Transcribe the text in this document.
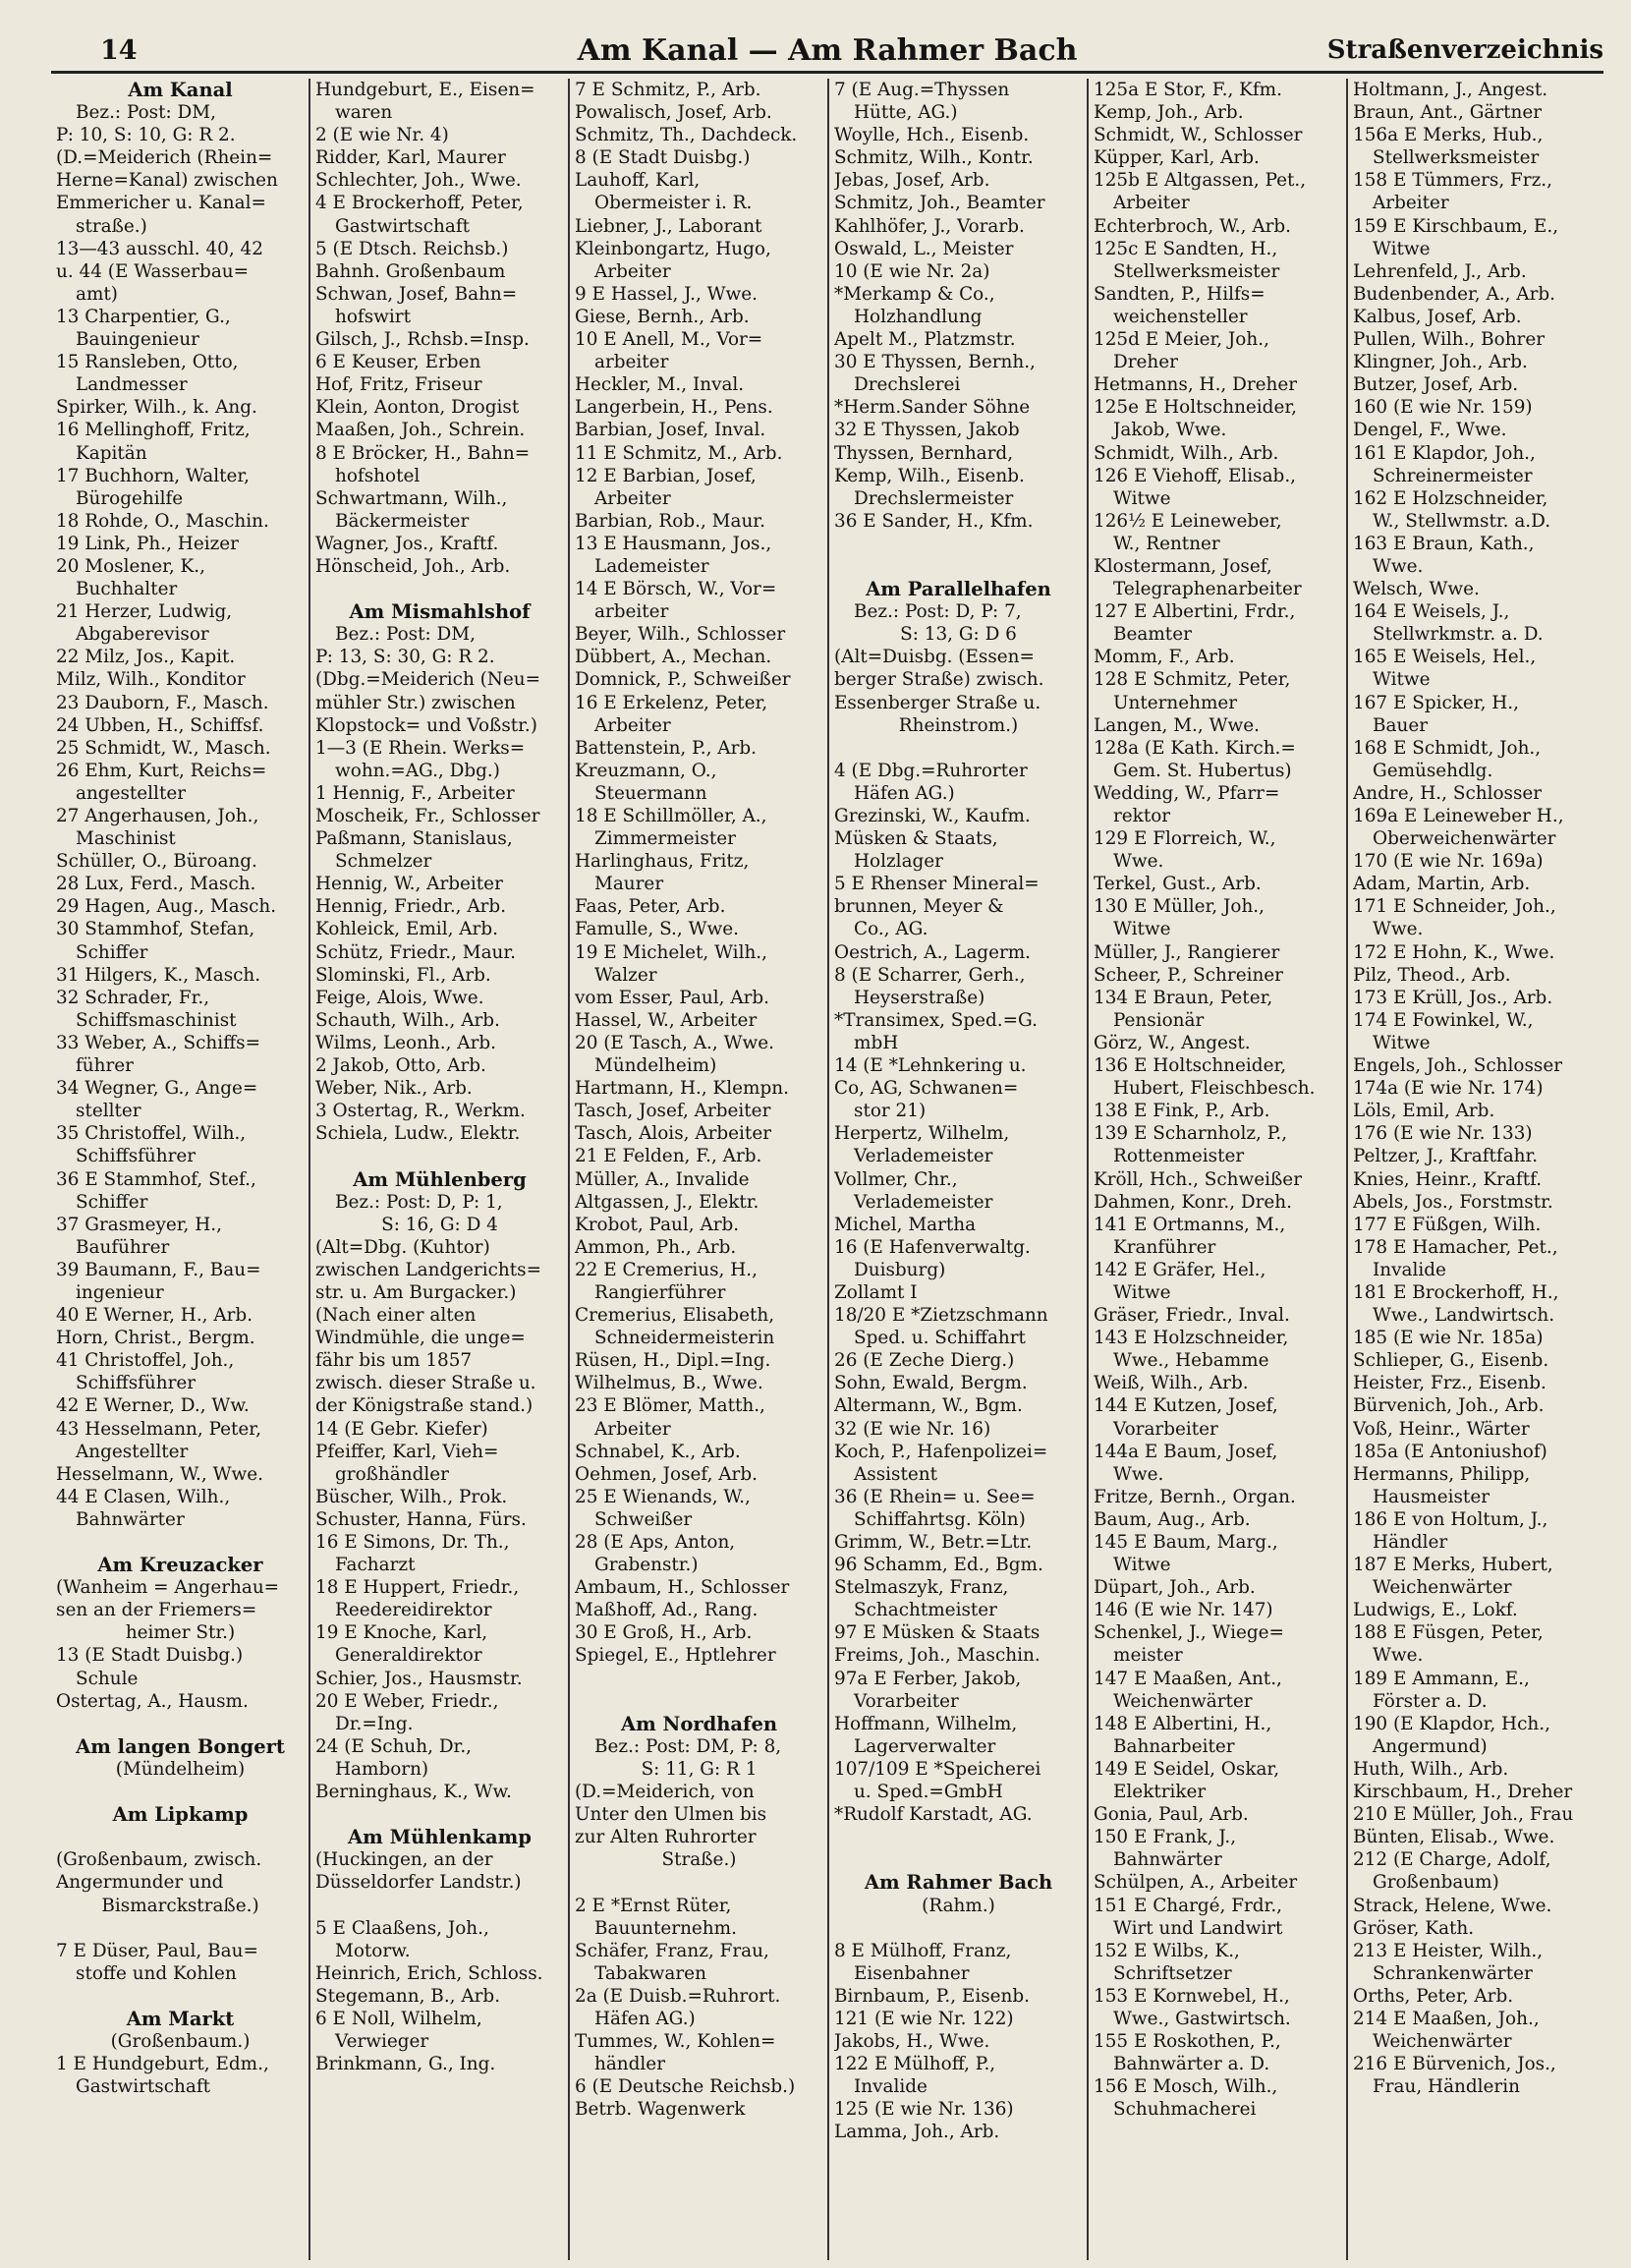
14	Am Kanal — Am Rahmer Bach	Straßenverzeichnis
Am Kanal
Bez.: Post: DM,
P: 10, S: 10, G: R 2.
(D.=Meiderich (Rhein=
Herne=Kanal) zwischen
Emmericher u. Kanal=
straße.)
13—43 ausschl. 40, 42
u. 44 (E Wasserbau=
amt)
13 Charpentier, G.,
Bauingenieur
15 Ransleben, Otto,
Landmesser
Spirker, Wilh., k. Ang.
16 Mellinghoff, Fritz,
Kapitän
17 Buchhorn, Walter,
Bürogehilfe
18 Rohde, O., Maschin.
19 Link, Ph., Heizer
20 Moslener, K.,
Buchhalter
21 Herzer, Ludwig,
Abgaberevisor
22 Milz, Jos., Kapit.
Milz, Wilh., Konditor
23 Dauborn, F., Masch.
24 Ubben, H., Schiffsf.
25 Schmidt, W., Masch.
26 Ehm, Kurt, Reichs=
angestellter
27 Angerhausen, Joh.,
Maschinist
Schüller, O., Büroang.
28 Lux, Ferd., Masch.
29 Hagen, Aug., Masch.
30 Stammhof, Stefan,
Schiffer
31 Hilgers, K., Masch.
32 Schrader, Fr.,
Schiffsmaschinist
33 Weber, A., Schiffs=
führer
34 Wegner, G., Ange=
stellter
35 Christoffel, Wilh.,
Schiffsführer
36 E Stammhof, Stef.,
Schiffer
37 Grasmeyer, H.,
Bauführer
39 Baumann, F., Bau=
ingenieur
40 E Werner, H., Arb.
Horn, Christ., Bergm.
41 Christoffel, Joh.,
Schiffsführer
42 E Werner, D., Ww.
43 Hesselmann, Peter,
Angestellter
Hesselmann, W., Wwe.
44 E Clasen, Wilh.,
Bahnwärter
Am Kreuzacker
(Wanheim = Angerhau=
sen an der Friemers=
heimer Str.)
13 (E Stadt Duisbg.)
Schule
Ostertag, A., Hausm.
Am langen Bongert
(Mündelheim)
Am Lipkamp
(Großenbaum, zwisch.
Angermunder und
Bismarckstraße.)
7 E Düser, Paul, Bau=
stoffe und Kohlen
Am Markt
(Großenbaum.)
1 E Hundgeburt, Edm.,
Gastwirtschaft
Hundgeburt, E., Eisen=
waren
2 (E wie Nr. 4)
Ridder, Karl, Maurer
Schlechter, Joh., Wwe.
4 E Brockerhoff, Peter,
Gastwirtschaft
5 (E Dtsch. Reichsb.)
Bahnh. Großenbaum
Schwan, Josef, Bahn=
hofswirt
Gilsch, J., Rchsb.=Insp.
6 E Keuser, Erben
Hof, Fritz, Friseur
Klein, Aonton, Drogist
Maaßen, Joh., Schrein.
8 E Bröcker, H., Bahn=
hofshotel
Schwartmann, Wilh.,
Bäckermeister
Wagner, Jos., Kraftf.
Hönscheid, Joh., Arb.
Am Mismahlshof
Bez.: Post: DM,
P: 13, S: 30, G: R 2.
(Dbg.=Meiderich (Neu=
mühler Str.) zwischen
Klopstock= und Voßstr.)
1—3 (E Rhein. Werks=
wohn.=AG., Dbg.)
1 Hennig, F., Arbeiter
Moscheik, Fr., Schlosser
Paßmann, Stanislaus,
Schmelzer
Hennig, W., Arbeiter
Hennig, Friedr., Arb.
Kohleick, Emil, Arb.
Schütz, Friedr., Maur.
Slominski, Fl., Arb.
Feige, Alois, Wwe.
Schauth, Wilh., Arb.
Wilms, Leonh., Arb.
2 Jakob, Otto, Arb.
Weber, Nik., Arb.
3 Ostertag, R., Werkm.
Schiela, Ludw., Elektr.
Am Mühlenberg
Bez.: Post: D, P: 1,
S: 16, G: D 4
(Alt=Dbg. (Kuhtor)
zwischen Landgerichts=
str. u. Am Burgacker.)
(Nach einer alten
Windmühle, die unge=
fähr bis um 1857
zwisch. dieser Straße u.
der Königstraße stand.)
14 (E Gebr. Kiefer)
Pfeiffer, Karl, Vieh=
großhändler
Büscher, Wilh., Prok.
Schuster, Hanna, Fürs.
16 E Simons, Dr. Th.,
Facharzt
18 E Huppert, Friedr.,
Reedereidirektor
19 E Knoche, Karl,
Generaldirektor
Schier, Jos., Hausmstr.
20 E Weber, Friedr.,
Dr.=Ing.
24 (E Schuh, Dr.,
Hamborn)
Berninghaus, K., Ww.
Am Mühlenkamp
(Huckingen, an der
Düsseldorfer Landstr.)
5 E Claaßens, Joh.,
Motorw.
Heinrich, Erich, Schloss.
Stegemann, B., Arb.
6 E Noll, Wilhelm,
Verwieger
Brinkmann, G., Ing.
7 E Schmitz, P., Arb.
Powalisch, Josef, Arb.
Schmitz, Th., Dachdeck.
8 (E Stadt Duisbg.)
Lauhoff, Karl,
Obermeister i. R.
Liebner, J., Laborant
Kleinbongartz, Hugo,
Arbeiter
9 E Hassel, J., Wwe.
Giese, Bernh., Arb.
10 E Anell, M., Vor=
arbeiter
Heckler, M., Inval.
Langerbein, H., Pens.
Barbian, Josef, Inval.
11 E Schmitz, M., Arb.
12 E Barbian, Josef,
Arbeiter
Barbian, Rob., Maur.
13 E Hausmann, Jos.,
Lademeister
14 E Börsch, W., Vor=
arbeiter
Beyer, Wilh., Schlosser
Dübbert, A., Mechan.
Domnick, P., Schweißer
16 E Erkelenz, Peter,
Arbeiter
Battenstein, P., Arb.
Kreuzmann, O.,
Steuermann
18 E Schillmöller, A.,
Zimmermeister
Harlinghaus, Fritz,
Maurer
Faas, Peter, Arb.
Famulle, S., Wwe.
19 E Michelet, Wilh.,
Walzer
vom Esser, Paul, Arb.
Hassel, W., Arbeiter
20 (E Tasch, A., Wwe.
Mündelheim)
Hartmann, H., Klempn.
Tasch, Josef, Arbeiter
Tasch, Alois, Arbeiter
21 E Felden, F., Arb.
Müller, A., Invalide
Altgassen, J., Elektr.
Krobot, Paul, Arb.
Ammon, Ph., Arb.
22 E Cremerius, H.,
Rangierführer
Cremerius, Elisabeth,
Schneidermeisterin
Rüsen, H., Dipl.=Ing.
Wilhelmus, B., Wwe.
23 E Blömer, Matth.,
Arbeiter
Schnabel, K., Arb.
Oehmen, Josef, Arb.
25 E Wienands, W.,
Schweißer
28 (E Aps, Anton,
Grabenstr.)
Ambaum, H., Schlosser
Maßhoff, Ad., Rang.
30 E Groß, H., Arb.
Spiegel, E., Hptlehrer
Am Nordhafen
Bez.: Post: DM, P: 8,
S: 11, G: R 1
(D.=Meiderich, von
Unter den Ulmen bis
zur Alten Ruhrorter
Straße.)
2 E *Ernst Rüter,
Bauunternehm.
Schäfer, Franz, Frau,
Tabakwaren
2a (E Duisb.=Ruhrort.
Häfen AG.)
Tummes, W., Kohlen=
händler
6 (E Deutsche Reichsb.)
Betrb. Wagenwerk
7 (E Aug.=Thyssen
Hütte, AG.)
Woylle, Hch., Eisenb.
Schmitz, Wilh., Kontr.
Jebas, Josef, Arb.
Schmitz, Joh., Beamter
Kahlhöfer, J., Vorarb.
Oswald, L., Meister
10 (E wie Nr. 2a)
*Merkamp & Co.,
Holzhandlung
Apelt M., Platzmstr.
30 E Thyssen, Bernh.,
Drechslerei
*Herm.Sander Söhne
32 E Thyssen, Jakob
Thyssen, Bernhard,
Kemp, Wilh., Eisenb.
Drechslermeister
36 E Sander, H., Kfm.
Am Parallelhafen
Bez.: Post: D, P: 7,
S: 13, G: D 6
(Alt=Duisbg. (Essen=
berger Straße) zwisch.
Essenberger Straße u.
Rheinstrom.)
4 (E Dbg.=Ruhrorter
Häfen AG.)
Grezinski, W., Kaufm.
Müsken & Staats,
Holzlager
5 E Rhenser Mineral=
brunnen, Meyer &
Co., AG.
Oestrich, A., Lagerm.
8 (E Scharrer, Gerh.,
Heyserstraße)
*Transimex, Sped.=G.
mbH
14 (E *Lehnkering u.
Co, AG, Schwanen=
stor 21)
Herpertz, Wilhelm,
Verlademeister
Vollmer, Chr.,
Verlademeister
Michel, Martha
16 (E Hafenverwaltg.
Duisburg)
Zollamt I
18/20 E *Zietzschmann
Sped. u. Schiffahrt
26 (E Zeche Dierg.)
Sohn, Ewald, Bergm.
Altermann, W., Bgm.
32 (E wie Nr. 16)
Koch, P., Hafenpolizei=
Assistent
36 (E Rhein= u. See=
Schiffahrtsg. Köln)
Grimm, W., Betr.=Ltr.
96 Schamm, Ed., Bgm.
Stelmaszyk, Franz,
Schachtmeister
97 E Müsken & Staats
Freims, Joh., Maschin.
97a E Ferber, Jakob,
Vorarbeiter
Hoffmann, Wilhelm,
Lagerverwalter
107/109 E *Speicherei
u. Sped.=GmbH
*Rudolf Karstadt, AG.
Am Rahmer Bach
(Rahm.)
8 E Mülhoff, Franz,
Eisenbahner
Birnbaum, P., Eisenb.
121 (E wie Nr. 122)
Jakobs, H., Wwe.
122 E Mülhoff, P.,
Invalide
125 (E wie Nr. 136)
Lamma, Joh., Arb.
125a E Stor, F., Kfm.
Kemp, Joh., Arb.
Schmidt, W., Schlosser
Küpper, Karl, Arb.
125b E Altgassen, Pet.,
Arbeiter
Echterbroch, W., Arb.
125c E Sandten, H.,
Stellwerksmeister
Sandten, P., Hilfs=
weichensteller
125d E Meier, Joh.,
Dreher
Hetmanns, H., Dreher
125e E Holtschneider,
Jakob, Wwe.
Schmidt, Wilh., Arb.
126 E Viehoff, Elisab.,
Witwe
126½ E Leineweber,
W., Rentner
Klostermann, Josef,
Telegraphenarbeiter
127 E Albertini, Frdr.,
Beamter
Momm, F., Arb.
128 E Schmitz, Peter,
Unternehmer
Langen, M., Wwe.
128a (E Kath. Kirch.=
Gem. St. Hubertus)
Wedding, W., Pfarr=
rektor
129 E Florreich, W.,
Wwe.
Terkel, Gust., Arb.
130 E Müller, Joh.,
Witwe
Müller, J., Rangierer
Scheer, P., Schreiner
134 E Braun, Peter,
Pensionär
Görz, W., Angest.
136 E Holtschneider,
Hubert, Fleischbesch.
138 E Fink, P., Arb.
139 E Scharnholz, P.,
Rottenmeister
Kröll, Hch., Schweißer
Dahmen, Konr., Dreh.
141 E Ortmanns, M.,
Kranführer
142 E Gräfer, Hel.,
Witwe
Gräser, Friedr., Inval.
143 E Holzschneider,
Wwe., Hebamme
Weiß, Wilh., Arb.
144 E Kutzen, Josef,
Vorarbeiter
144a E Baum, Josef,
Wwe.
Fritze, Bernh., Organ.
Baum, Aug., Arb.
145 E Baum, Marg.,
Witwe
Düpart, Joh., Arb.
146 (E wie Nr. 147)
Schenkel, J., Wiege=
meister
147 E Maaßen, Ant.,
Weichenwärter
148 E Albertini, H.,
Bahnarbeiter
149 E Seidel, Oskar,
Elektriker
Gonia, Paul, Arb.
150 E Frank, J.,
Bahnwärter
Schülpen, A., Arbeiter
151 E Chargé, Frdr.,
Wirt und Landwirt
152 E Wilbs, K.,
Schriftsetzer
153 E Kornwebel, H.,
Wwe., Gastwirtsch.
155 E Roskothen, P.,
Bahnwärter a. D.
156 E Mosch, Wilh.,
Schuhmacherei
Holtmann, J., Angest.
Braun, Ant., Gärtner
156a E Merks, Hub.,
Stellwerksmeister
158 E Tümmers, Frz.,
Arbeiter
159 E Kirschbaum, E.,
Witwe
Lehrenfeld, J., Arb.
Budenbender, A., Arb.
Kalbus, Josef, Arb.
Pullen, Wilh., Bohrer
Klingner, Joh., Arb.
Butzer, Josef, Arb.
160 (E wie Nr. 159)
Dengel, F., Wwe.
161 E Klapdor, Joh.,
Schreinermeister
162 E Holzschneider,
W., Stellwmstr. a.D.
163 E Braun, Kath.,
Wwe.
Welsch, Wwe.
164 E Weisels, J.,
Stellwrkmstr. a. D.
165 E Weisels, Hel.,
Witwe
167 E Spicker, H.,
Bauer
168 E Schmidt, Joh.,
Gemüsehdlg.
Andre, H., Schlosser
169a E Leineweber H.,
Oberweichenwärter
170 (E wie Nr. 169a)
Adam, Martin, Arb.
171 E Schneider, Joh.,
Wwe.
172 E Hohn, K., Wwe.
Pilz, Theod., Arb.
173 E Krüll, Jos., Arb.
174 E Fowinkel, W.,
Witwe
Engels, Joh., Schlosser
174a (E wie Nr. 174)
Löls, Emil, Arb.
176 (E wie Nr. 133)
Peltzer, J., Kraftfahr.
Knies, Heinr., Kraftf.
Abels, Jos., Forstmstr.
177 E Füßgen, Wilh.
178 E Hamacher, Pet.,
Invalide
181 E Brockerhoff, H.,
Wwe., Landwirtsch.
185 (E wie Nr. 185a)
Schlieper, G., Eisenb.
Heister, Frz., Eisenb.
Bürvenich, Joh., Arb.
Voß, Heinr., Wärter
185a (E Antoniushof)
Hermanns, Philipp,
Hausmeister
186 E von Holtum, J.,
Händler
187 E Merks, Hubert,
Weichenwärter
Ludwigs, E., Lokf.
188 E Füsgen, Peter,
Wwe.
189 E Ammann, E.,
Förster a. D.
190 (E Klapdor, Hch.,
Angermund)
Huth, Wilh., Arb.
Kirschbaum, H., Dreher
210 E Müller, Joh., Frau
Bünten, Elisab., Wwe.
212 (E Charge, Adolf,
Großenbaum)
Strack, Helene, Wwe.
Gröser, Kath.
213 E Heister, Wilh.,
Schrankenwärter
Orths, Peter, Arb.
214 E Maaßen, Joh.,
Weichenwärter
216 E Bürvenich, Jos.,
Frau, Händlerin
